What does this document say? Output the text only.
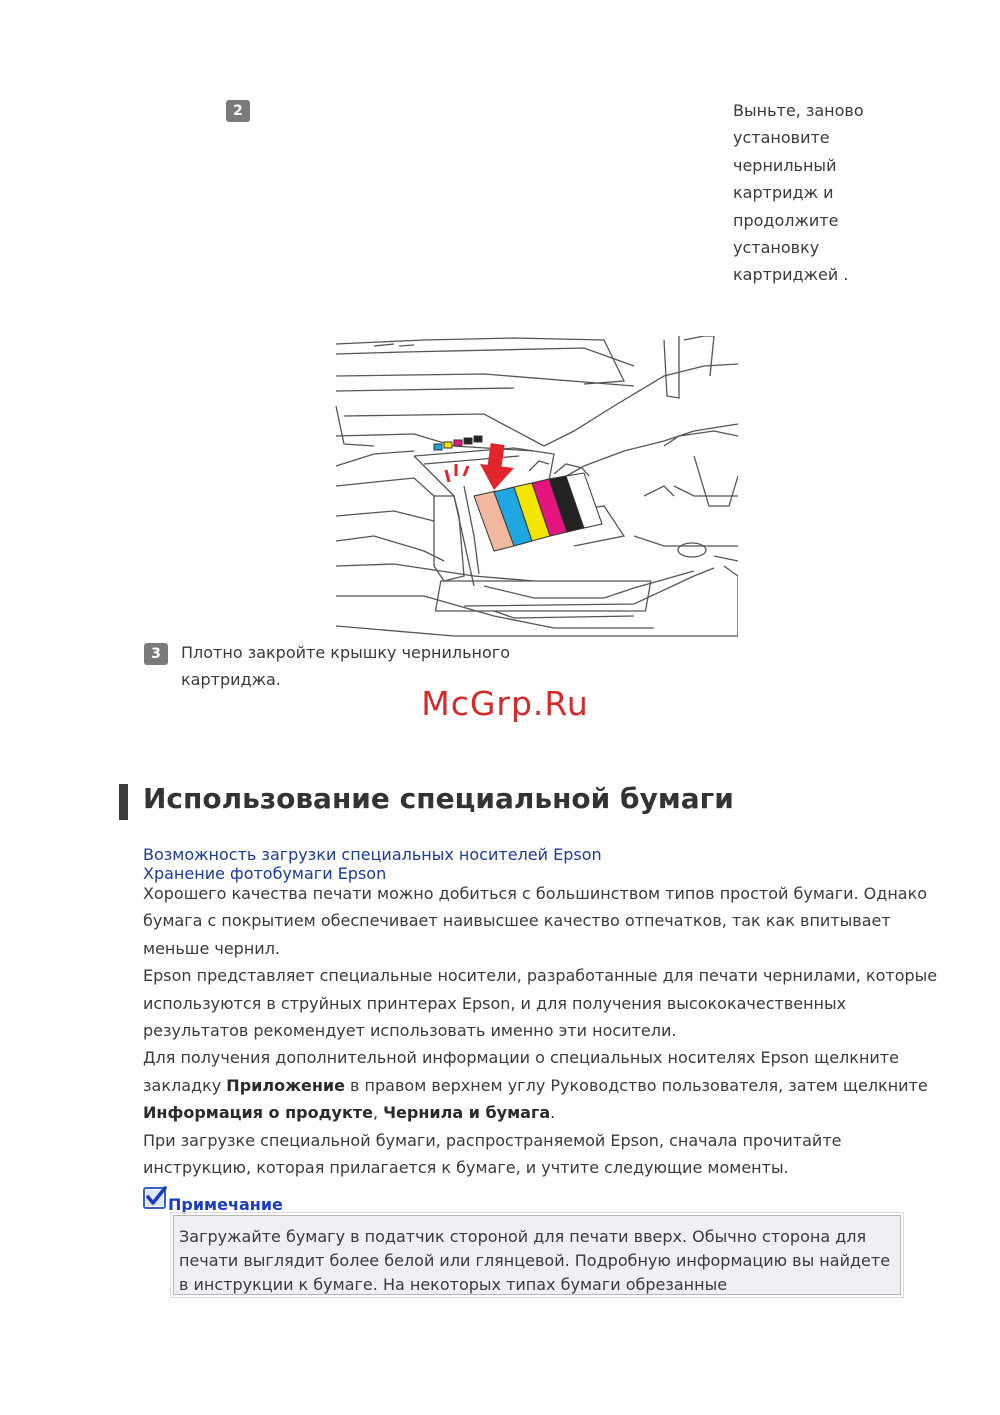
2	Выньте, заново установите чернильный картридж и продолжите установку картриджей .
3	Плотно закройте крышку чернильного картриджа.
McGrp.Ru
Использование специальной бумаги
Возможность загрузки специальных носителей Epson
Хранение фотобумаги Epson

Хорошего качества печати можно добиться с большинством типов простой бумаги. Однако бумага с покрытием обеспечивает наивысшее качество отпечатков, так как впитывает меньше чернил.

Epson представляет специальные носители, разработанные для печати чернилами, которые используются в струйных принтерах Epson, и для получения высококачественных результатов рекомендует использовать именно эти носители.

Для получения дополнительной информации о специальных носителях Epson щелкните закладку Приложение в правом верхнем углу Руководство пользователя, затем щелкните Информация о продукте, Чернила и бумага.

При загрузке специальной бумаги, распространяемой Epson, сначала прочитайте инструкцию, которая прилагается к бумаге, и учтите следующие моменты.

Примечание
Загружайте бумагу в податчик стороной для печати вверх. Обычно сторона для печати выглядит более белой или глянцевой. Подробную информацию вы найдете в инструкции к бумаге. На некоторых типах бумаги обрезанные
